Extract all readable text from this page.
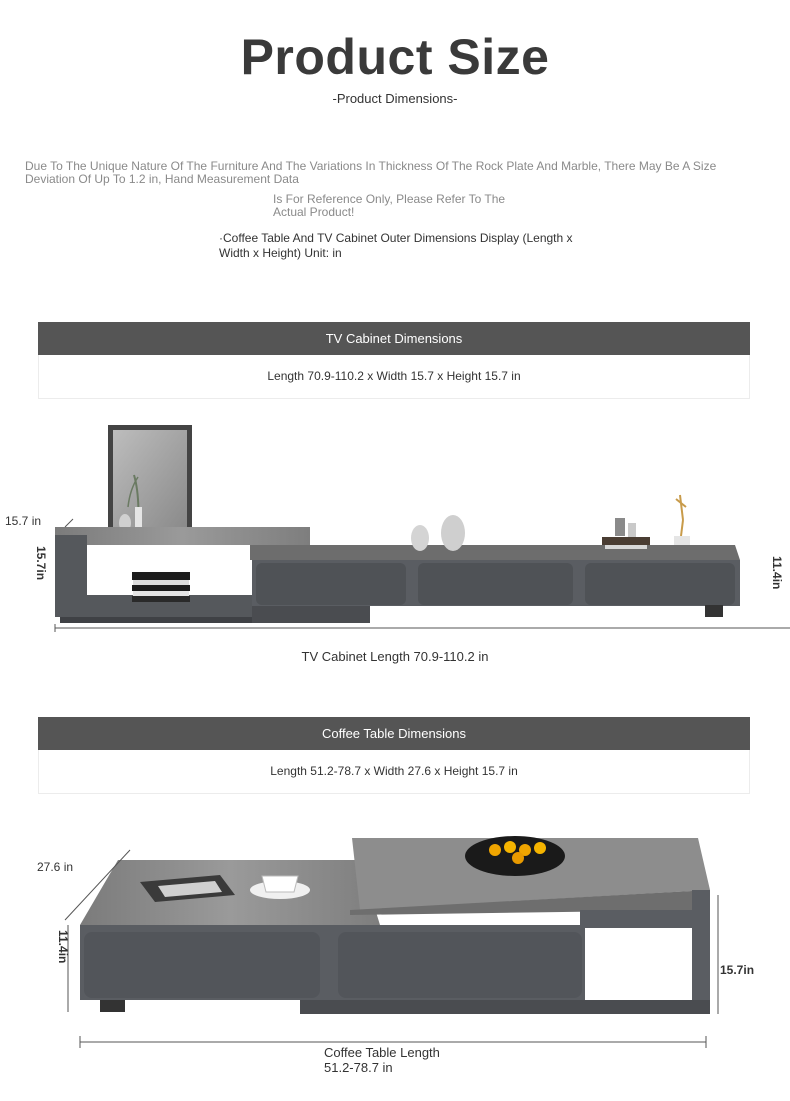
Product Size
-Product Dimensions-
Due To The Unique Nature Of The Furniture And The Variations In Thickness Of The Rock Plate And Marble, There May Be A Size Deviation Of Up To 1.2 in, Hand Measurement Data
Is For Reference Only, Please Refer To The Actual Product!
·Coffee Table And TV Cabinet Outer Dimensions Display (Length x Width x Height) Unit: in
TV Cabinet Dimensions
Length 70.9-110.2 x Width 15.7 x Height 15.7 in
15.7 in
15.7in	11.4in
TV Cabinet Length 70.9-110.2 in
Coffee Table Dimensions
Length 51.2-78.7 x Width 27.6 x Height 15.7 in
27.6 in
11.4in
15.7in
Coffee Table Length
51.2-78.7 in
